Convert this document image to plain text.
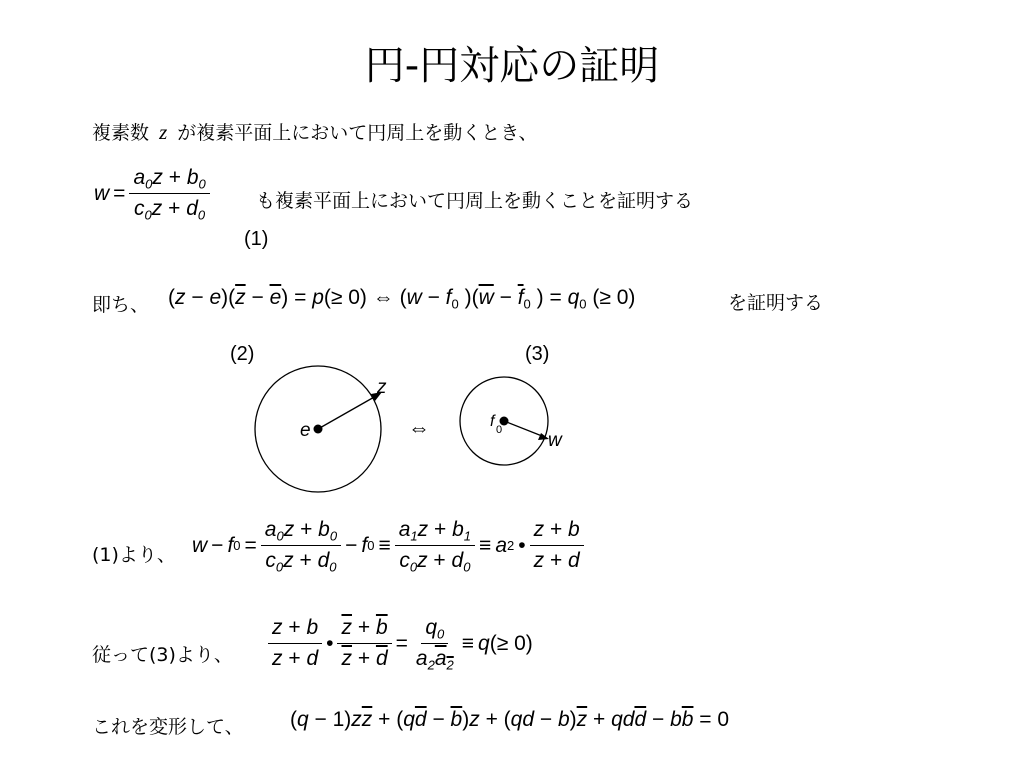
円-円対応の証明
複素数 z が複素平面上において円周上を動くとき、
$w = \frac{a_0z + b_0}{c_0z + d_0}$ も複素平面上において円周上を動くことを証明する
(1)
即ち、 $(z - e)(\overline{z} - \overline{e}) = p(\ge 0)$ ⇔ ($w - f_0$ )($\overline{w} - \overline{f}_0$ ) = $q_0$ (≥ 0)	を証明する
(2)	(3)
z
e	⇔	f 0 w
(1)より、 w − f $0 = \frac{a_0z + b_0}{c_0z + d_0} - f$ $0 \equiv \frac{a_1z + b_1}{c_0z + d_0} \equiv a$ 2 • $\frac{z + b}{z + d}$
従って(3)より、 $\frac{z + b}{z + d}$ • $\frac{\overline{z} + \overline{b}}{\overline{z} + \overline{d}} = \frac{q_0}{a_2a_2} \equiv q$ (≥ 0)
これを変形して、 $(q - 1)z\overline{z} + (q\overline{d} - \overline{b})z + (qd - b)\overline{z} + qd\overline{d} - b\overline{b} = 0$
